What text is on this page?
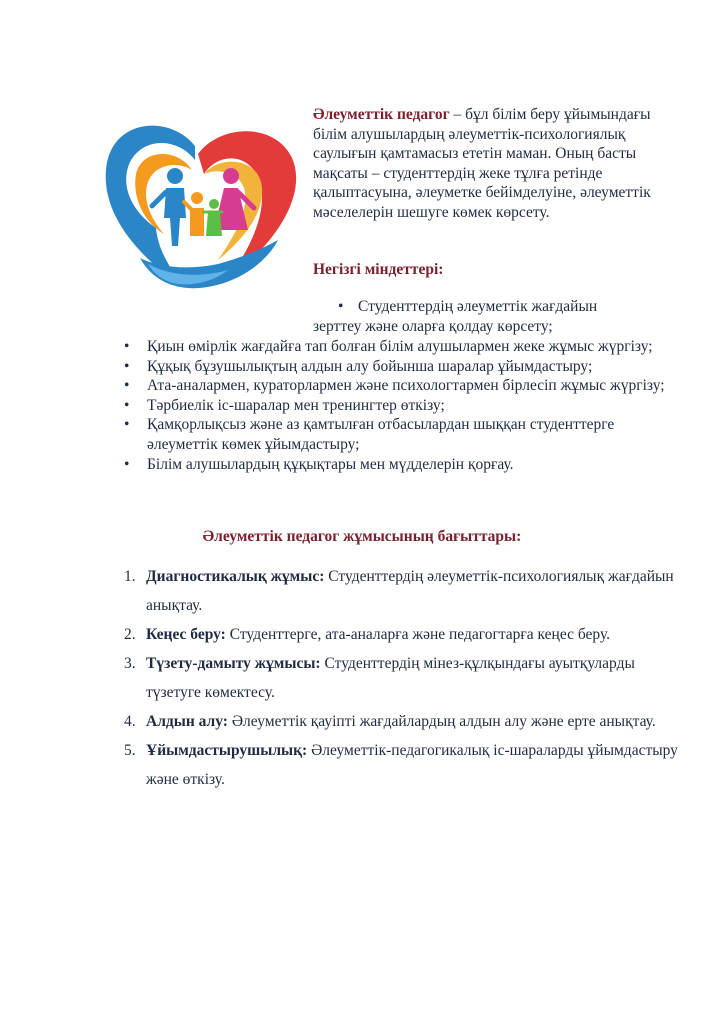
Әлеуметтік педагог – бұл білім беру ұйымындағы білім алушылардың әлеуметтік-психологиялық саулығын қамтамасыз ететін маман. Оның басты мақсаты – студенттердің жеке тұлға ретінде қалыптасуына, әлеуметке бейімделуіне, әлеуметтік мәселелерін шешуге көмек көрсету.
Негізгі міндеттері:
• Студенттердің әлеуметтік жағдайын
зерттеу және оларға қолдау көрсету;
• Қиын өмірлік жағдайға тап болған білім алушылармен жеке жұмыс жүргізу;
• Құқық бұзушылықтың алдын алу бойынша шаралар ұйымдастыру;
• Ата-аналармен, кураторлармен және психологтармен бірлесіп жұмыс жүргізу;
• Тәрбиелік іс-шаралар мен тренингтер өткізу;
• Қамқорлықсыз және аз қамтылған отбасылардан шыққан студенттерге әлеуметтік көмек ұйымдастыру;
• Білім алушылардың құқықтары мен мүдделерін қорғау.
Әлеуметтік педагог жұмысының бағыттары:
1. Диагностикалық жұмыс: Студенттердің әлеуметтік-психологиялық жағдайын анықтау.
2. Кеңес беру: Студенттерге, ата-аналарға және педагогтарға кеңес беру.
3. Түзету-дамыту жұмысы: Студенттердің мінез-құлқындағы ауытқуларды түзетуге көмектесу.
4. Алдын алу: Әлеуметтік қауіпті жағдайлардың алдын алу және ерте анықтау.
5. Ұйымдастырушылық: Әлеуметтік-педагогикалық іс-шараларды ұйымдастыру және өткізу.
